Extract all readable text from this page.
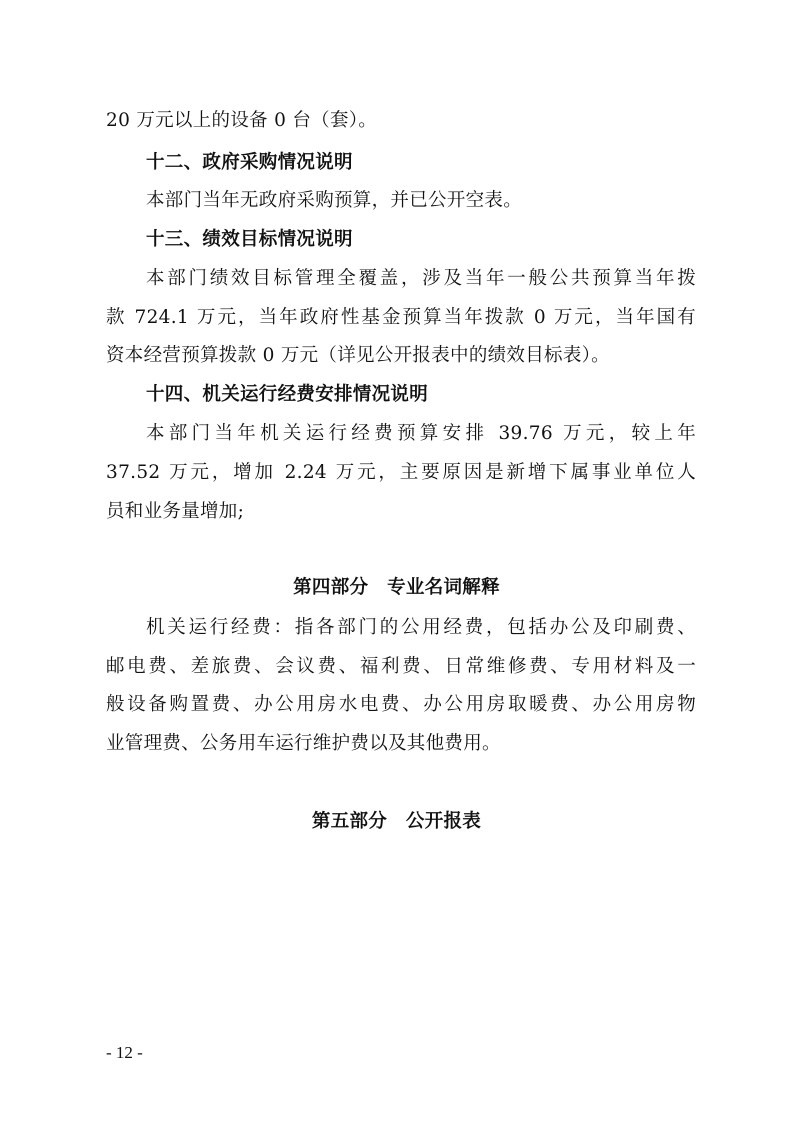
20 万元以上的设备 0 台（套）。
十二、政府采购情况说明
本部门当年无政府采购预算，并已公开空表。
十三、绩效目标情况说明
本部门绩效目标管理全覆盖，涉及当年一般公共预算当年拨
款 724.1 万元，当年政府性基金预算当年拨款 0 万元，当年国有
资本经营预算拨款 0 万元（详见公开报表中的绩效目标表）。
十四、机关运行经费安排情况说明
本部门当年机关运行经费预算安排 39.76 万元，较上年
37.52 万元，增加 2.24 万元，主要原因是新增下属事业单位人
员和业务量增加;
第四部分　专业名词解释
机关运行经费：指各部门的公用经费，包括办公及印刷费、
邮电费、差旅费、会议费、福利费、日常维修费、专用材料及一
般设备购置费、办公用房水电费、办公用房取暖费、办公用房物
业管理费、公务用车运行维护费以及其他费用。
第五部分　公开报表
- 12 -
